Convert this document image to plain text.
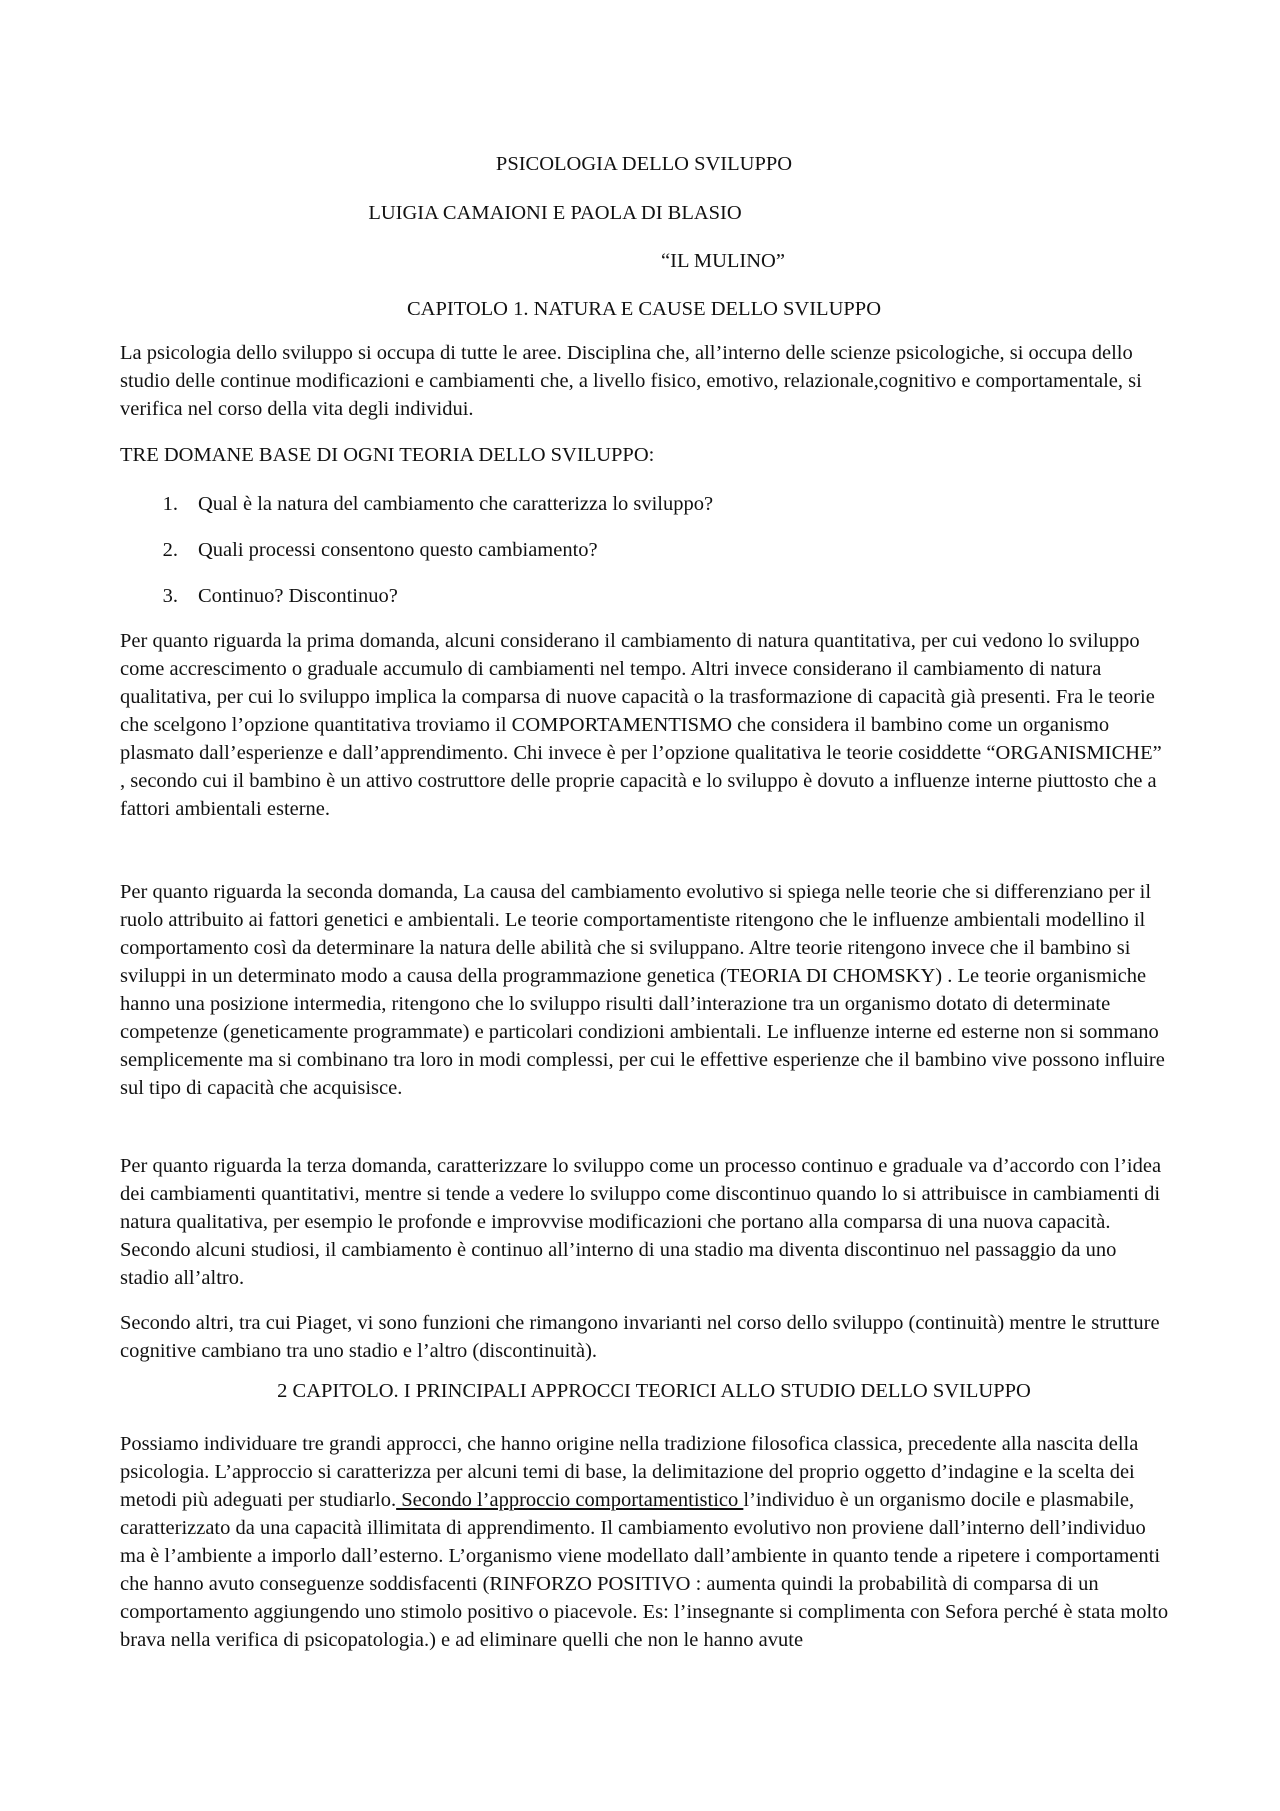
PSICOLOGIA DELLO SVILUPPO

LUIGIA CAMAIONI E PAOLA DI BLASIO

“IL MULINO”

CAPITOLO 1. NATURA E CAUSE DELLO SVILUPPO

La psicologia dello sviluppo si occupa di tutte le aree. Disciplina che, all’interno delle scienze psicologiche, si occupa dello studio delle continue modificazioni e cambiamenti che, a livello fisico, emotivo, relazionale,cognitivo e comportamentale, si verifica nel corso della vita degli individui.

TRE DOMANE BASE DI OGNI TEORIA DELLO SVILUPPO:

1. Qual è la natura del cambiamento che caratterizza lo sviluppo?
2. Quali processi consentono questo cambiamento?
3. Continuo? Discontinuo?

Per quanto riguarda la prima domanda, alcuni considerano il cambiamento di natura quantitativa, per cui vedono lo sviluppo come accrescimento o graduale accumulo di cambiamenti nel tempo. Altri invece considerano il cambiamento di natura qualitativa, per cui lo sviluppo implica la comparsa di nuove capacità o la trasformazione di capacità già presenti. Fra le teorie che scelgono l’opzione quantitativa troviamo il COMPORTAMENTISMO che considera il bambino come un organismo plasmato dall’esperienze e dall’apprendimento. Chi invece è per l’opzione qualitativa le teorie cosiddette “ORGANISMICHE” , secondo cui il bambino è un attivo costruttore delle proprie capacità e lo sviluppo è dovuto a influenze interne piuttosto che a fattori ambientali esterne.

Per quanto riguarda la seconda domanda, La causa del cambiamento evolutivo si spiega nelle teorie che si differenziano per il ruolo attribuito ai fattori genetici e ambientali. Le teorie comportamentiste ritengono che le influenze ambientali modellino il comportamento così da determinare la natura delle abilità che si sviluppano. Altre teorie ritengono invece che il bambino si sviluppi in un determinato modo a causa della programmazione genetica (TEORIA DI CHOMSKY) . Le teorie organismiche hanno una posizione intermedia, ritengono che lo sviluppo risulti dall’interazione tra un organismo dotato di determinate competenze (geneticamente programmate) e particolari condizioni ambientali. Le influenze interne ed esterne non si sommano semplicemente ma si combinano tra loro in modi complessi, per cui le effettive esperienze che il bambino vive possono influire sul tipo di capacità che acquisisce.

Per quanto riguarda la terza domanda, caratterizzare lo sviluppo come un processo continuo e graduale va d’accordo con l’idea dei cambiamenti quantitativi, mentre si tende a vedere lo sviluppo come discontinuo quando lo si attribuisce in cambiamenti di natura qualitativa, per esempio le profonde e improvvise modificazioni che portano alla comparsa di una nuova capacità. Secondo alcuni studiosi, il cambiamento è continuo all’interno di una stadio ma diventa discontinuo nel passaggio da uno stadio all’altro.

Secondo altri, tra cui Piaget, vi sono funzioni che rimangono invarianti nel corso dello sviluppo (continuità) mentre le strutture cognitive cambiano tra uno stadio e l’altro (discontinuità).

2 CAPITOLO. I PRINCIPALI APPROCCI TEORICI ALLO STUDIO DELLO SVILUPPO

Possiamo individuare tre grandi approcci, che hanno origine nella tradizione filosofica classica, precedente alla nascita della psicologia. L’approccio si caratterizza per alcuni temi di base, la delimitazione del proprio oggetto d’indagine e la scelta dei metodi più adeguati per studiarlo. Secondo l’approccio comportamentistico l’individuo è un organismo docile e plasmabile, caratterizzato da una capacità illimitata di apprendimento. Il cambiamento evolutivo non proviene dall’interno dell’individuo ma è l’ambiente a imporlo dall’esterno. L’organismo viene modellato dall’ambiente in quanto tende a ripetere i comportamenti che hanno avuto conseguenze soddisfacenti (RINFORZO POSITIVO : aumenta quindi la probabilità di comparsa di un comportamento aggiungendo uno stimolo positivo o piacevole. Es: l’insegnante si complimenta con Sefora perché è stata molto brava nella verifica di psicopatologia.) e ad eliminare quelli che non le hanno avute
